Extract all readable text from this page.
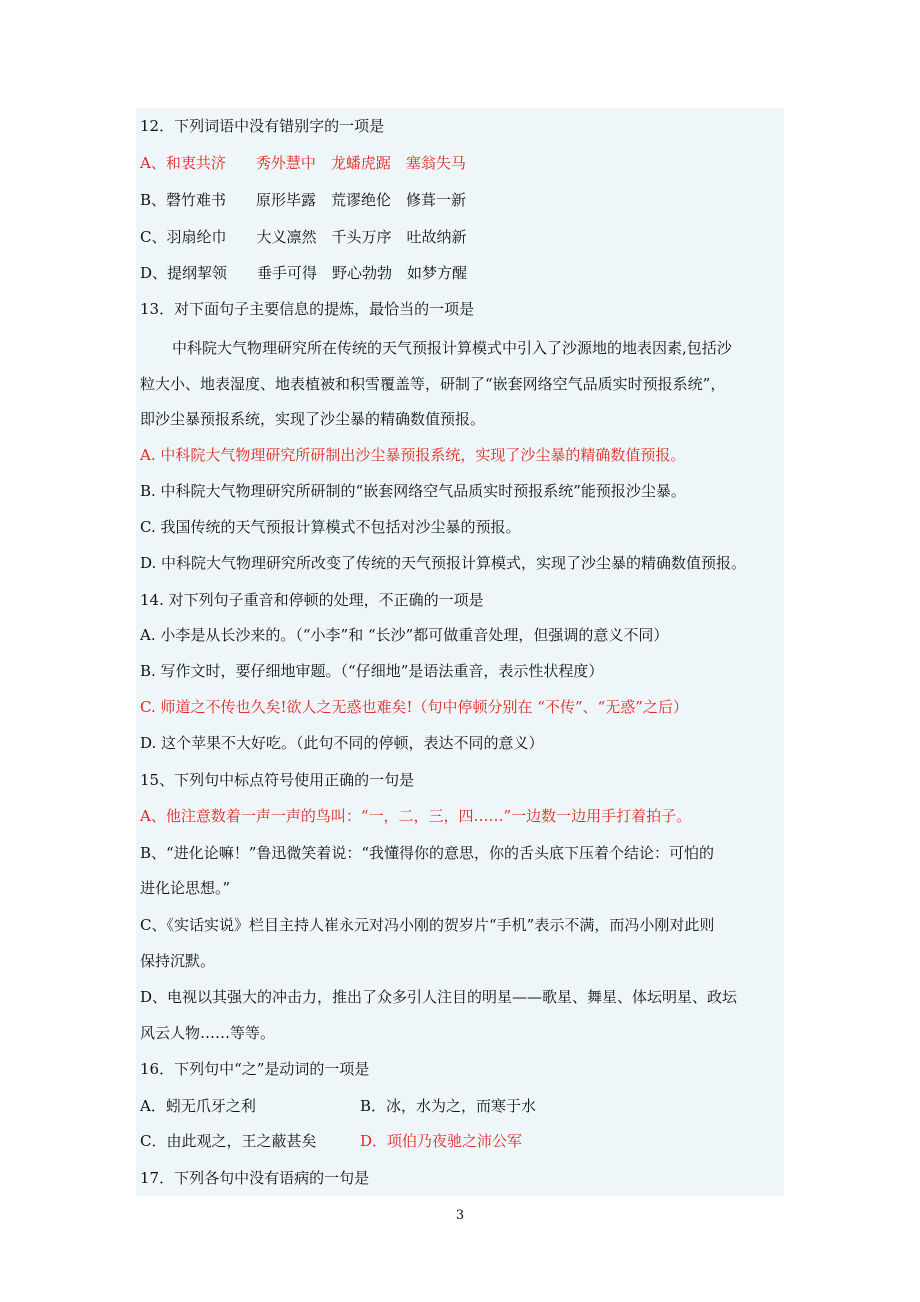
12．下列词语中没有错别字的一项是
A、和衷共济　　秀外慧中　龙蟠虎踞　塞翁失马
B、磬竹难书　　原形毕露　荒谬绝伦　修葺一新
C、羽扇纶巾　　大义凛然　千头万序　吐故纳新
D、提纲挈领　　垂手可得　野心勃勃　如梦方醒
13．对下面句子主要信息的提炼，最恰当的一项是
中科院大气物理研究所在传统的天气预报计算模式中引入了沙源地的地表因素,包括沙
粒大小、地表湿度、地表植被和积雪覆盖等，研制了“嵌套网络空气品质实时预报系统”，
即沙尘暴预报系统，实现了沙尘暴的精确数值预报。
A. 中科院大气物理研究所研制出沙尘暴预报系统，实现了沙尘暴的精确数值预报。
B. 中科院大气物理研究所研制的“嵌套网络空气品质实时预报系统”能预报沙尘暴。
C. 我国传统的天气预报计算模式不包括对沙尘暴的预报。
D. 中科院大气物理研究所改变了传统的天气预报计算模式，实现了沙尘暴的精确数值预报。
14. 对下列句子重音和停顿的处理，不正确的一项是
A. 小李是从长沙来的。（“小李”和 “长沙”都可做重音处理，但强调的意义不同）
B. 写作文时，要仔细地审题。（“仔细地”是语法重音，表示性状程度）
C. 师道之不传也久矣!欲人之无惑也难矣!（句中停顿分别在 “不传”、“无惑”之后）
D. 这个苹果不大好吃。（此句不同的停顿，表达不同的意义）
15、下列句中标点符号使用正确的一句是
A、他注意数着一声一声的鸟叫：“一，二，三，四……”一边数一边用手打着拍子。
B、“进化论嘛！”鲁迅微笑着说：“我懂得你的意思，你的舌头底下压着个结论：可怕的
进化论思想。”
C、《实话实说》栏目主持人崔永元对冯小刚的贺岁片“手机”表示不满，而冯小刚对此则
保持沉默。
D、电视以其强大的冲击力，推出了众多引人注目的明星——歌星、舞星、体坛明星、政坛
风云人物……等等。
16．下列句中“之”是动词的一项是
A．蚓无爪牙之利	B．冰，水为之，而寒于水
C．由此观之，王之蔽甚矣	D．项伯乃夜驰之沛公军
17．下列各句中没有语病的一句是
3
